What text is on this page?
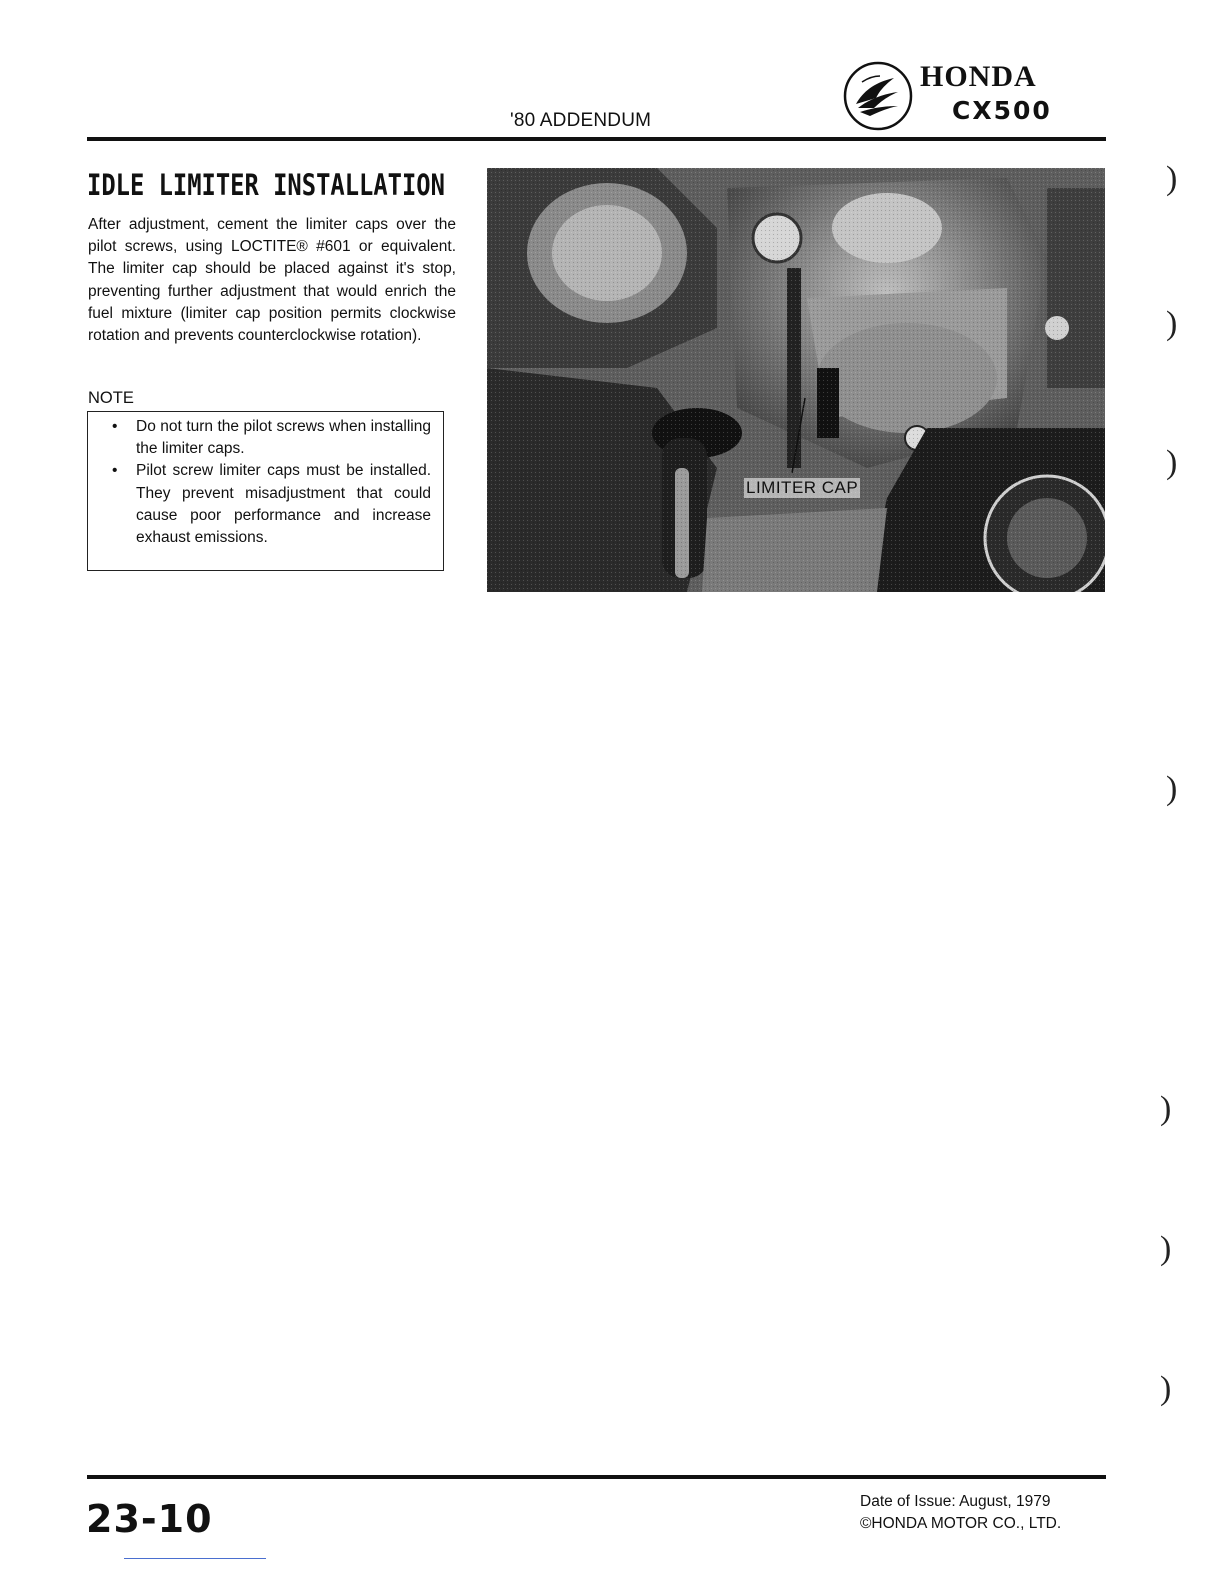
'80 ADDENDUM
HONDA
CX500
IDLE LIMITER INSTALLATION

After adjustment, cement the limiter caps over the pilot screws, using LOCTITE® #601 or equivalent. The limiter cap should be placed against it's stop, preventing further adjustment that would enrich the fuel mixture (limiter cap position permits clockwise rotation and prevents counterclockwise rotation).

NOTE
• Do not turn the pilot screws when installing the limiter caps.
• Pilot screw limiter caps must be installed. They prevent misadjustment that could cause poor performance and increase exhaust emissions.
LIMITER CAP
)
)
)
)
)
)
)
23-10	Date of Issue: August, 1979
©HONDA MOTOR CO., LTD.
